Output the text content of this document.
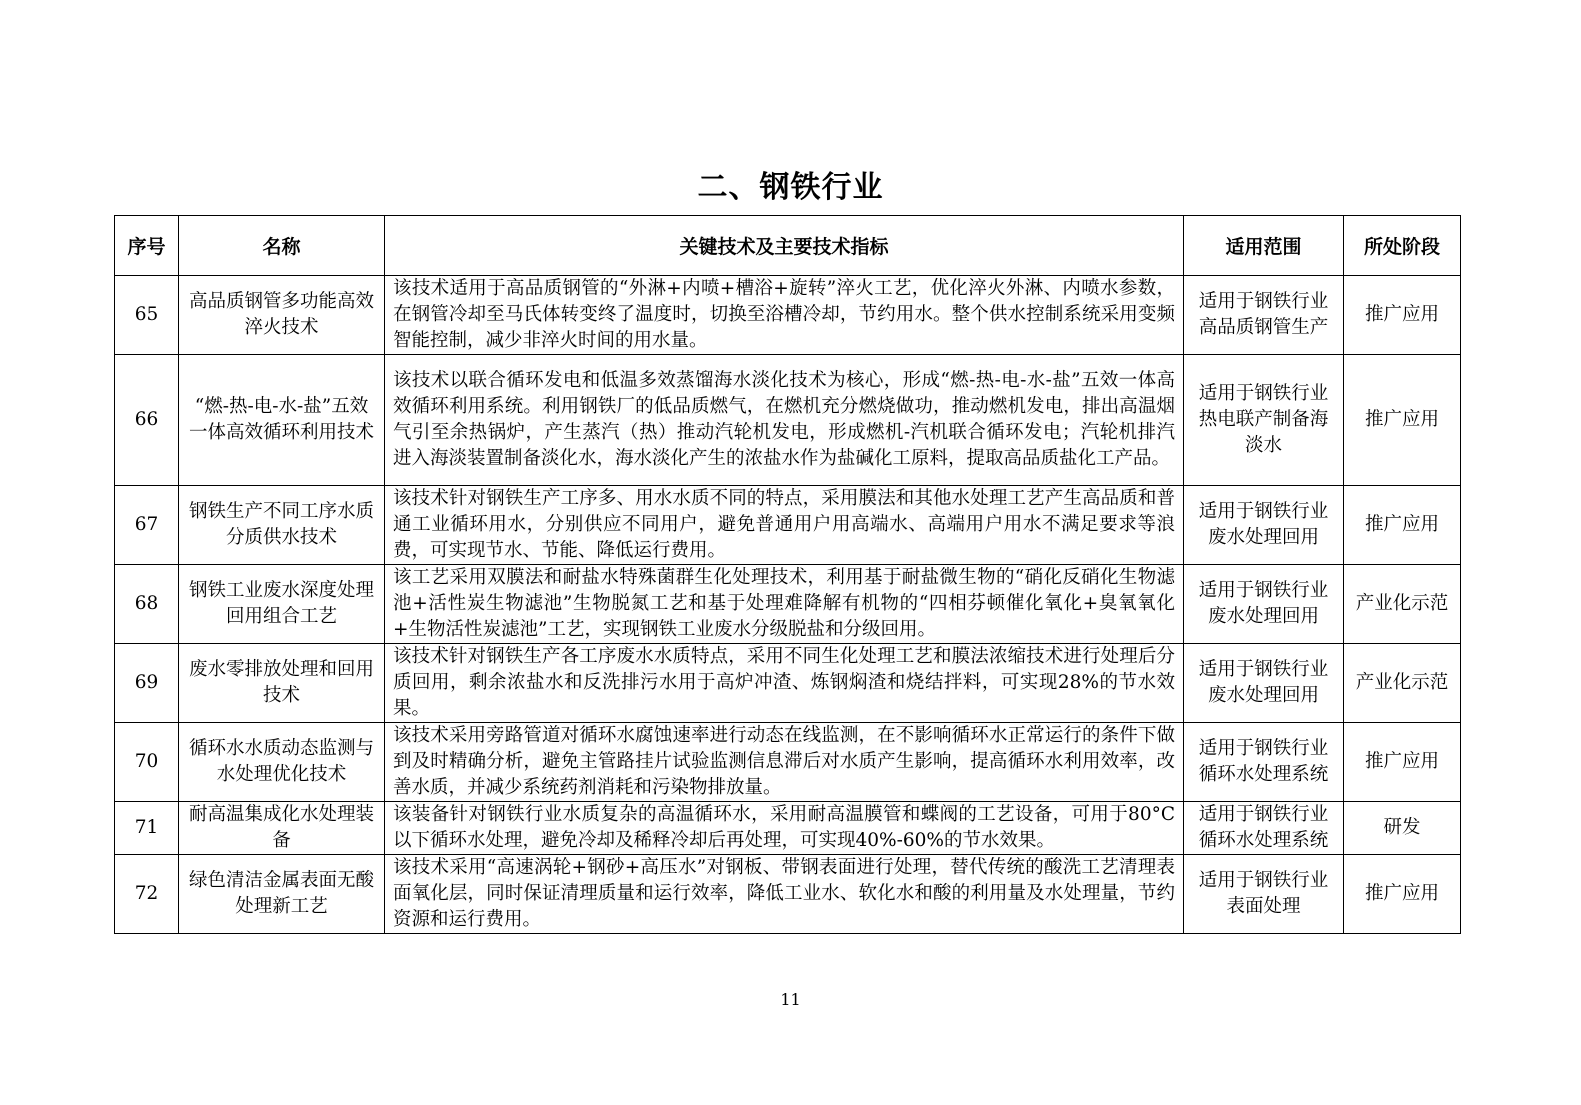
二、钢铁行业
序号	名称	关键技术及主要技术指标	适用范围	所处阶段
65	高品质钢管多功能高效淬火技术	该技术适用于高品质钢管的“外淋+内喷+槽浴+旋转”淬火工艺，优化淬火外淋、内喷水参数，在钢管冷却至马氏体转变终了温度时，切换至浴槽冷却，节约用水。整个供水控制系统采用变频智能控制，减少非淬火时间的用水量。	适用于钢铁行业高品质钢管生产	推广应用
66	“燃-热-电-水-盐”五效一体高效循环利用技术	该技术以联合循环发电和低温多效蒸馏海水淡化技术为核心，形成“燃-热-电-水-盐”五效一体高效循环利用系统。利用钢铁厂的低品质燃气，在燃机充分燃烧做功，推动燃机发电，排出高温烟气引至余热锅炉，产生蒸汽（热）推动汽轮机发电，形成燃机-汽机联合循环发电；汽轮机排汽进入海淡装置制备淡化水，海水淡化产生的浓盐水作为盐碱化工原料，提取高品质盐化工产品。	适用于钢铁行业热电联产制备海淡水	推广应用
67	钢铁生产不同工序水质分质供水技术	该技术针对钢铁生产工序多、用水水质不同的特点，采用膜法和其他水处理工艺产生高品质和普通工业循环用水，分别供应不同用户，避免普通用户用高端水、高端用户用水不满足要求等浪费，可实现节水、节能、降低运行费用。	适用于钢铁行业废水处理回用	推广应用
68	钢铁工业废水深度处理回用组合工艺	该工艺采用双膜法和耐盐水特殊菌群生化处理技术，利用基于耐盐微生物的“硝化反硝化生物滤池+活性炭生物滤池”生物脱氮工艺和基于处理难降解有机物的“四相芬顿催化氧化+臭氧氧化+生物活性炭滤池”工艺，实现钢铁工业废水分级脱盐和分级回用。	适用于钢铁行业废水处理回用	产业化示范
69	废水零排放处理和回用技术	该技术针对钢铁生产各工序废水水质特点，采用不同生化处理工艺和膜法浓缩技术进行处理后分质回用，剩余浓盐水和反洗排污水用于高炉冲渣、炼钢焖渣和烧结拌料，可实现28%的节水效果。	适用于钢铁行业废水处理回用	产业化示范
70	循环水水质动态监测与水处理优化技术	该技术采用旁路管道对循环水腐蚀速率进行动态在线监测，在不影响循环水正常运行的条件下做到及时精确分析，避免主管路挂片试验监测信息滞后对水质产生影响，提高循环水利用效率，改善水质，并减少系统药剂消耗和污染物排放量。	适用于钢铁行业循环水处理系统	推广应用
71	耐高温集成化水处理装备	该装备针对钢铁行业水质复杂的高温循环水，采用耐高温膜管和蝶阀的工艺设备，可用于80°C以下循环水处理，避免冷却及稀释冷却后再处理，可实现40%-60%的节水效果。	适用于钢铁行业循环水处理系统	研发
72	绿色清洁金属表面无酸处理新工艺	该技术采用“高速涡轮+钢砂+高压水”对钢板、带钢表面进行处理，替代传统的酸洗工艺清理表面氧化层，同时保证清理质量和运行效率，降低工业水、软化水和酸的利用量及水处理量，节约资源和运行费用。	适用于钢铁行业表面处理	推广应用
11
